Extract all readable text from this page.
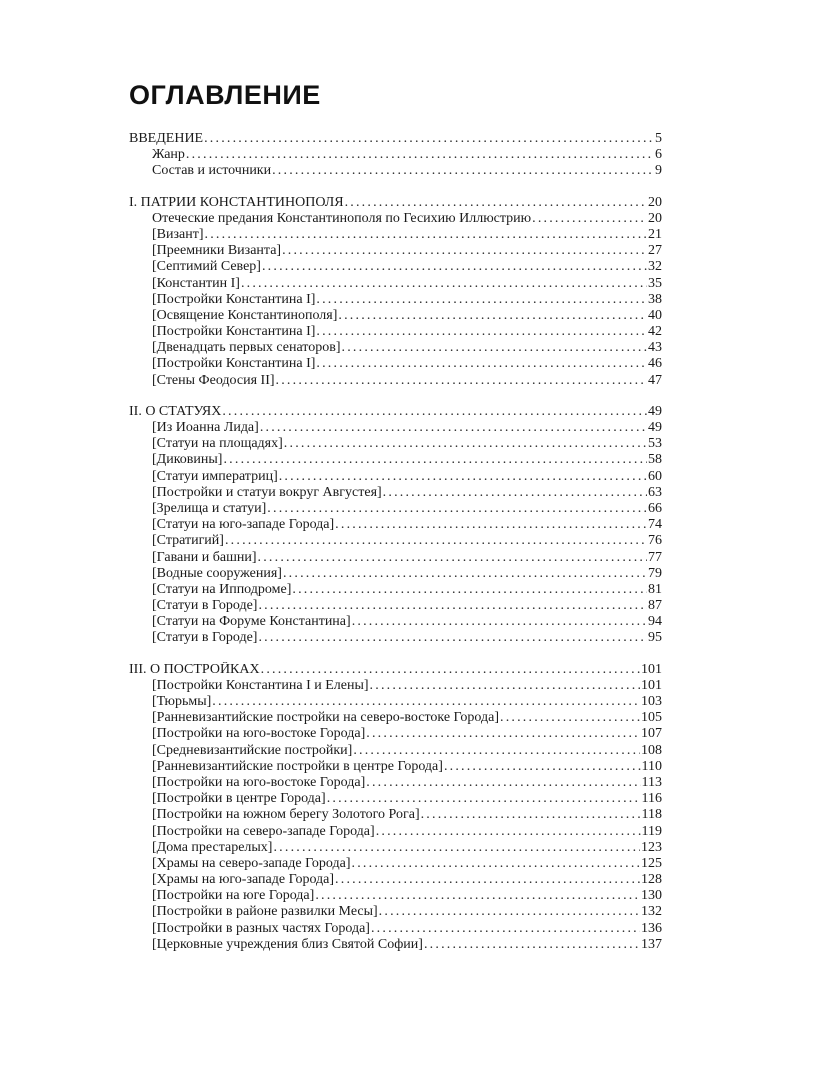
ОГЛАВЛЕНИЕ
ВВЕДЕНИЕ .....	5
Жанр .....	6
Состав и источники .....	9
I. ПАТРИИ КОНСТАНТИНОПОЛЯ .....	20
Отеческие предания Константинополя по Гесихию Иллюстрию .....	20
[Визант] .....	21
[Преемники Византа] .....	27
[Септимий Север] .....	32
[Константин I] .....	35
[Постройки Константина I] .....	38
[Освящение Константинополя] .....	40
[Постройки Константина I] .....	42
[Двенадцать первых сенаторов] .....	43
[Постройки Константина I] .....	46
[Стены Феодосия II] .....	47
II. О СТАТУЯХ .....	49
[Из Иоанна Лида] .....	49
[Статуи на площадях] .....	53
[Диковины] .....	58
[Статуи императриц] .....	60
[Постройки и статуи вокруг Августея] .....	63
[Зрелища и статуи] .....	66
[Статуи на юго-западе Города] .....	74
[Стратигий] .....	76
[Гавани и башни] .....	77
[Водные сооружения] .....	79
[Статуи на Ипподроме] .....	81
[Статуи в Городе] .....	87
[Статуи на Форуме Константина] .....	94
[Статуи в Городе] .....	95
III. О ПОСТРОЙКАХ .....	101
[Постройки Константина I и Елены] .....	101
[Тюрьмы] .....	103
[Ранневизантийские постройки на северо-востоке Города] .....	105
[Постройки на юго-востоке Города] .....	107
[Средневизантийские постройки] .....	108
[Ранневизантийские постройки в центре Города] .....	110
[Постройки на юго-востоке Города] .....	113
[Постройки в центре Города] .....	116
[Постройки на южном берегу Золотого Рога] .....	118
[Постройки на северо-западе Города] .....	119
[Дома престарелых] .....	123
[Храмы на северо-западе Города] .....	125
[Храмы на юго-западе Города] .....	128
[Постройки на юге Города] .....	130
[Постройки в районе развилки Месы] .....	132
[Постройки в разных частях Города] .....	136
[Церковные учреждения близ Святой Софии] .....	137
